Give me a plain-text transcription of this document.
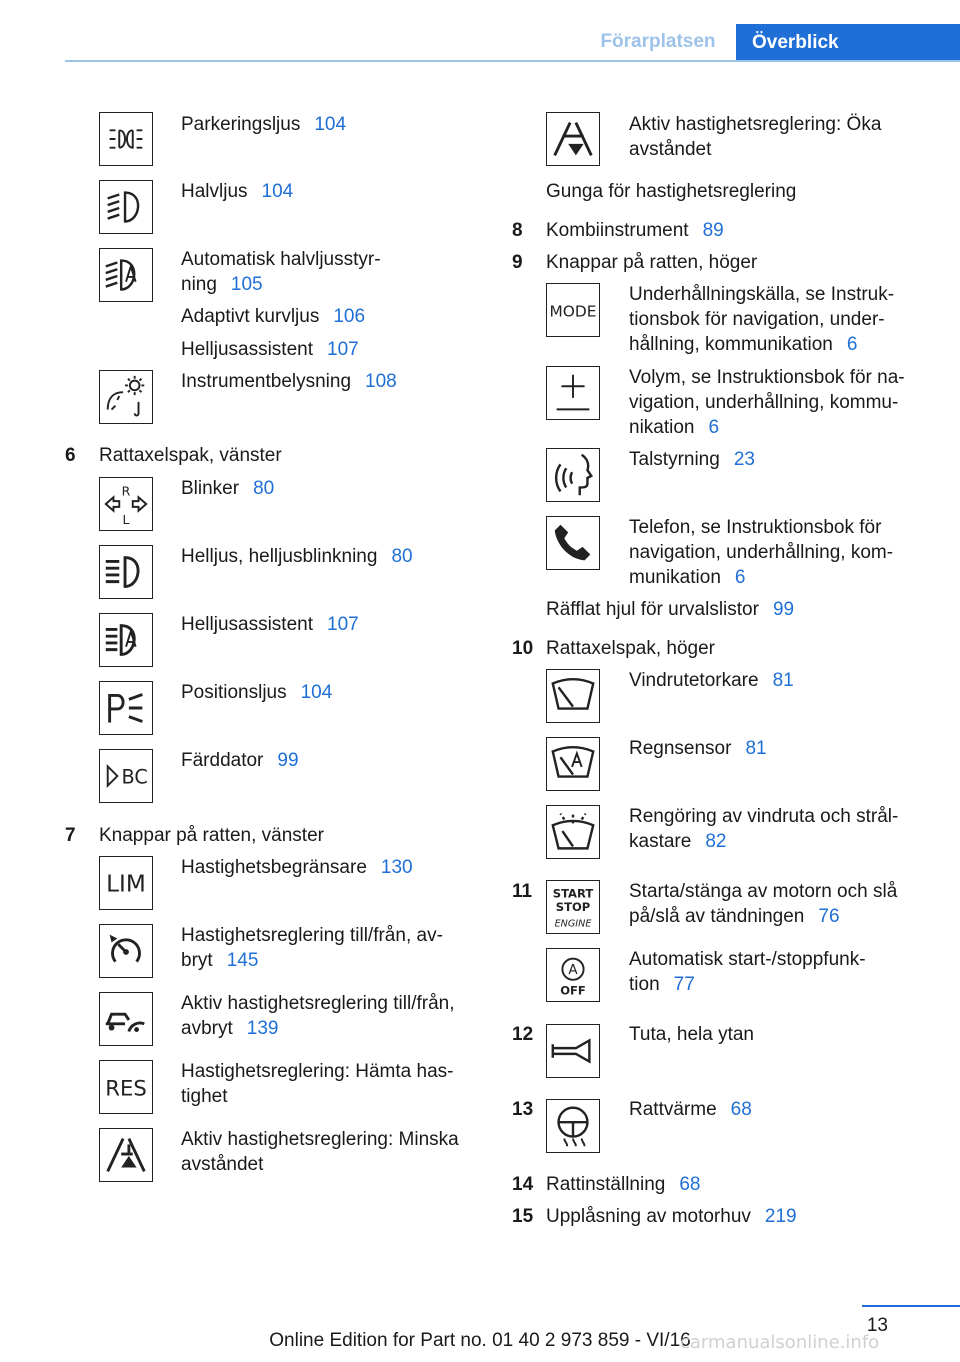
Förarplatsen	Överblick
Parkeringsljus 104
Halvljus 104
Automatisk halvljusstyr-
ning 105
Adaptivt kurvljus 106
Helljusassistent 107
Instrumentbelysning 108
6 Rattaxelspak, vänster
R
L
Blinker 80
Helljus, helljusblinkning 80
Helljusassistent 107
Positionsljus 104
BC
Färddator 99
7 Knappar på ratten, vänster
LIM
Hastighetsbegränsare 130
Hastighetsreglering till/från, av-
bryt 145
Aktiv hastighetsreglering till/från,
avbryt 139
RES
Hastighetsreglering: Hämta has-
tighet
Aktiv hastighetsreglering: Minska
avståndet
Aktiv hastighetsreglering: Öka
avståndet
Gunga för hastighetsreglering
8 Kombiinstrument 89
9 Knappar på ratten, höger
MODE
Underhållningskälla, se Instruk-
tionsbok för navigation, under-
hållning, kommunikation 6
Volym, se Instruktionsbok för na-
vigation, underhållning, kommu-
nikation 6
Talstyrning 23
Telefon, se Instruktionsbok för
navigation, underhållning, kom-
munikation 6
Räfflat hjul för urvalslistor 99
10 Rattaxelspak, höger
Vindrutetorkare 81
Regnsensor 81
Rengöring av vindruta och strål-
kastare 82
11 START
STOP
ENGINE
Starta/stänga av motorn och slå
på/slå av tändningen 76
A
OFF
Automatisk start-/stoppfunk-
tion 77
12	Tuta, hela ytan
13	Rattvärme 68
14 Rattinställning 68
15 Upplåsning av motorhuv 219
13
Online Edition for Part no. 01 40 2 973 859 - VI/16
carmanualsonline.info
